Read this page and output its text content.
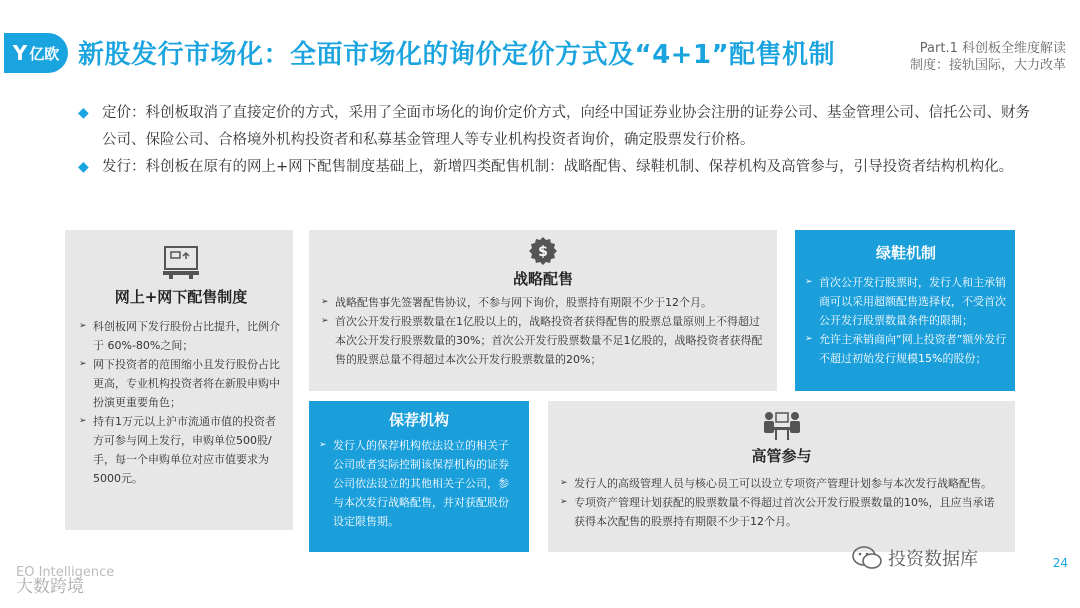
Y 亿欧 新股发行市场化：全面市场化的询价定价方式及“4+1”配售机制	Part.1 科创板全维度解读
制度：接轨国际，大力改革
◆ 定价：科创板取消了直接定价的方式，采用了全面市场化的询价定价方式，向经中国证券业协会注册的证券公司、基金管理公司、信托公司、财务公司、保险公司、合格境外机构投资者和私募基金管理人等专业机构投资者询价，确定股票发行价格。
◆ 发行：科创板在原有的网上+网下配售制度基础上，新增四类配售机制：战略配售、绿鞋机制、保荐机构及高管参与，引导投资者结构机构化。
网上+网下配售制度
➢ 科创板网下发行股份占比提升，比例介于 60%-80%之间；
➢ 网下投资者的范围缩小且发行股份占比更高，专业机构投资者将在新股申购中扮演更重要角色；
➢ 持有1万元以上沪市流通市值的投资者方可参与网上发行，申购单位500股/手，每一个申购单位对应市值要求为5000元。
$
战略配售
➢ 战略配售事先签署配售协议，不参与网下询价，股票持有期限不少于12个月。
➢ 首次公开发行股票数量在1亿股以上的，战略投资者获得配售的股票总量原则上不得超过本次公开发行股票数量的30%；首次公开发行股票数量不足1亿股的，战略投资者获得配售的股票总量不得超过本次公开发行股票数量的20%；
绿鞋机制
➢ 首次公开发行股票时，发行人和主承销商可以采用超额配售选择权，不受首次公开发行股票数量条件的限制；
➢ 允许主承销商向“网上投资者”额外发行不超过初始发行规模15%的股份；
保荐机构
➢ 发行人的保荐机构依法设立的相关子公司或者实际控制该保荐机构的证券公司依法设立的其他相关子公司，参与本次发行战略配售，并对获配股份设定限售期。
高管参与
➢ 发行人的高级管理人员与核心员工可以设立专项资产管理计划参与本次发行战略配售。
➢ 专项资产管理计划获配的股票数量不得超过首次公开发行股票数量的10%，且应当承诺获得本次配售的股票持有期限不少于12个月。
EO Intelligence
大数跨境
投资数据库	24
